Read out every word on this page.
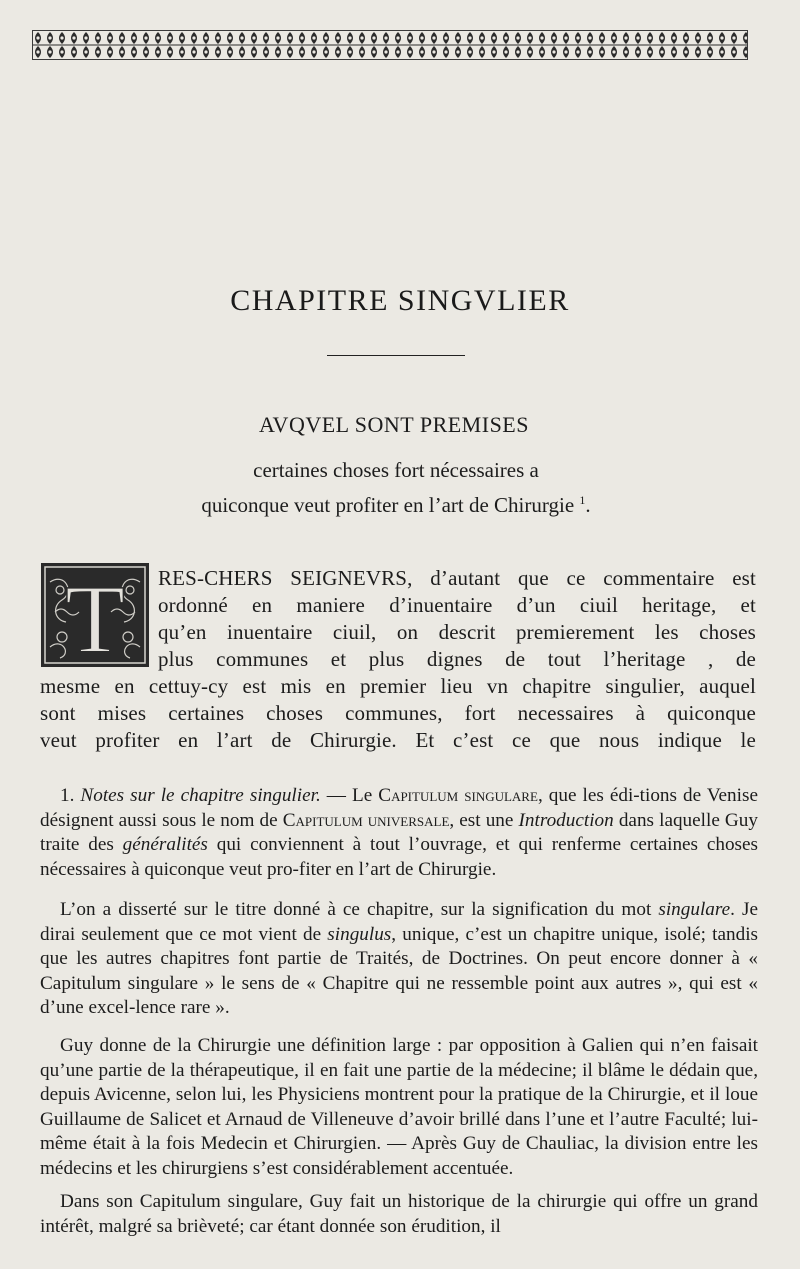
CHAPITRE SINGVLIER
AVQVEL SONT PREMISES
certaines choses fort nécessaires a
quiconque veut profiter en l’art de Chirurgie $^1$.
T	RES-CHERS SEIGNEVRS, d’autant que ce commentaire est
ordonné en maniere d’inuentaire d’un ciuil heritage, et
qu’en inuentaire ciuil, on descrit premierement les choses
plus communes et plus dignes de tout l’heritage , de
mesme en cettuy-cy est mis en premier lieu vn chapitre singulier, auquel
sont mises certaines choses communes, fort necessaires à quiconque
veut profiter en l’art de Chirurgie. Et c’est ce que nous indique le

1. Notes sur le chapitre singulier. — Le Capitulum singulare, que les édi-tions de Venise désignent aussi sous le nom de Capitulum universale, est une Introduction dans laquelle Guy traite des généralités qui conviennent à tout l’ouvrage, et qui renferme certaines choses nécessaires à quiconque veut pro-fiter en l’art de Chirurgie.

L’on a disserté sur le titre donné à ce chapitre, sur la signification du mot singulare. Je dirai seulement que ce mot vient de singulus, unique, c’est un chapitre unique, isolé; tandis que les autres chapitres font partie de Traités, de Doctrines. On peut encore donner à « Capitulum singulare » le sens de « Chapitre qui ne ressemble point aux autres », qui est « d’une excel-lence rare ».

Guy donne de la Chirurgie une définition large : par opposition à Galien qui n’en faisait qu’une partie de la thérapeutique, il en fait une partie de la médecine; il blâme le dédain que, depuis Avicenne, selon lui, les Physiciens montrent pour la pratique de la Chirurgie, et il loue Guillaume de Salicet et Arnaud de Villeneuve d’avoir brillé dans l’une et l’autre Faculté; lui-même était à la fois Medecin et Chirurgien. — Après Guy de Chauliac, la division entre les médecins et les chirurgiens s’est considérablement accentuée.

Dans son Capitulum singulare, Guy fait un historique de la chirurgie qui offre un grand intérêt, malgré sa brièveté; car étant donnée son érudition, il
